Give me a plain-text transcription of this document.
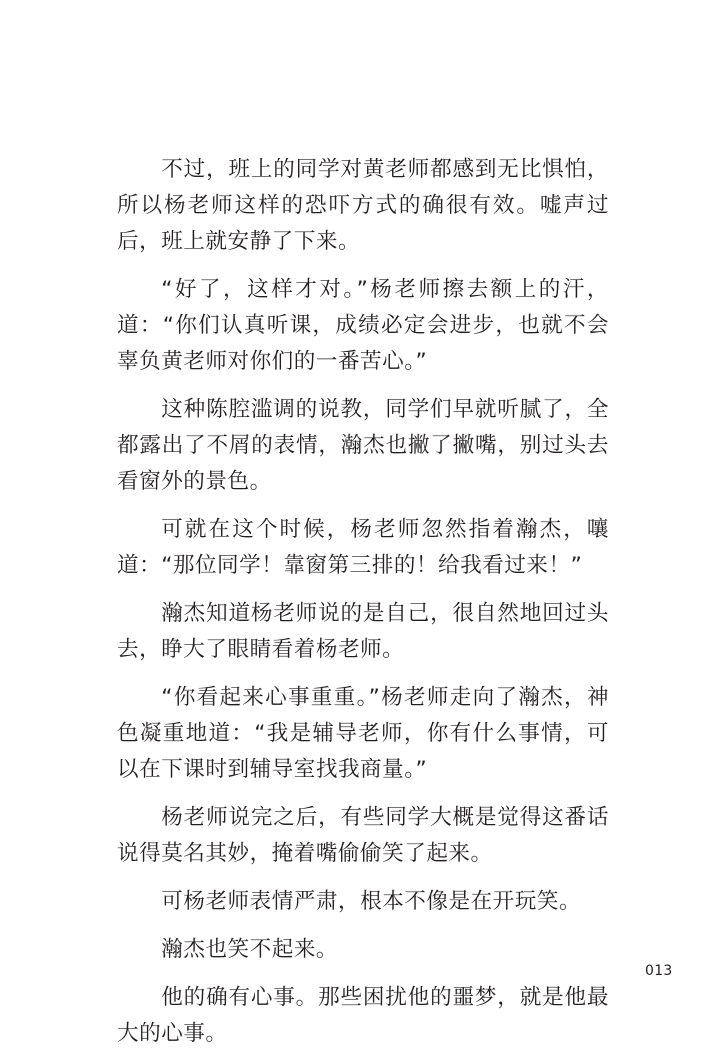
不过，班上的同学对黄老师都感到无比惧怕，所以杨老师这样的恐吓方式的确很有效。嘘声过后，班上就安静了下来。

“好了，这样才对。”杨老师擦去额上的汗，道：“你们认真听课，成绩必定会进步，也就不会辜负黄老师对你们的一番苦心。”

这种陈腔滥调的说教，同学们早就听腻了，全都露出了不屑的表情，瀚杰也撇了撇嘴，别过头去看窗外的景色。

可就在这个时候，杨老师忽然指着瀚杰，嚷道：“那位同学！靠窗第三排的！给我看过来！”

瀚杰知道杨老师说的是自己，很自然地回过头去，睁大了眼睛看着杨老师。

“你看起来心事重重。”杨老师走向了瀚杰，神色凝重地道：“我是辅导老师，你有什么事情，可以在下课时到辅导室找我商量。”

杨老师说完之后，有些同学大概是觉得这番话说得莫名其妙，掩着嘴偷偷笑了起来。

可杨老师表情严肃，根本不像是在开玩笑。

瀚杰也笑不起来。

他的确有心事。那些困扰他的噩梦，就是他最大的心事。

013
